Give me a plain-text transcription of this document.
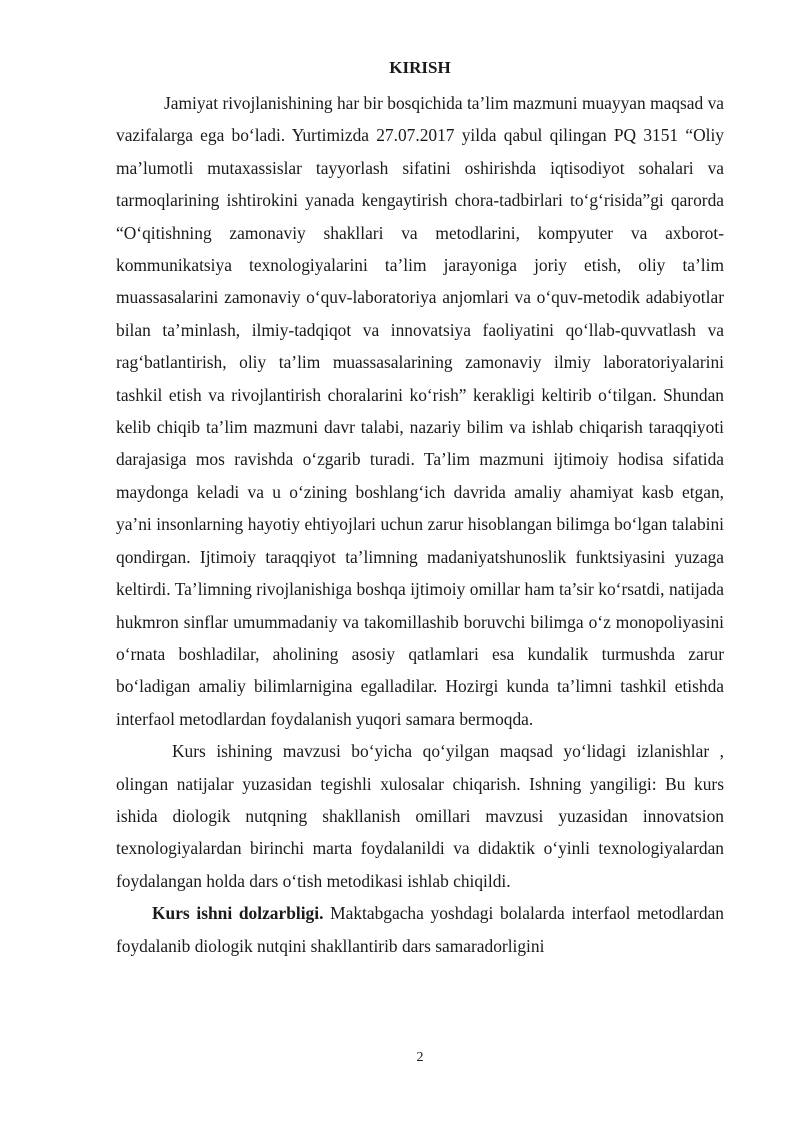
KIRISH

Jamiyat rivojlanishining har bir bosqichida ta’lim mazmuni muayyan maqsad va vazifalarga ega bo‘ladi. Yurtimizda 27.07.2017 yilda qabul qilingan PQ 3151 “Oliy ma’lumotli mutaxassislar tayyorlash sifatini oshirishda iqtisodiyot sohalari va tarmoqlarining ishtirokini yanada kengaytirish chora-tadbirlari to‘g‘risida”gi qarorda “O‘qitishning zamonaviy shakllari va metodlarini, kompyuter va axborot-kommunikatsiya texnologiyalarini ta’lim jarayoniga joriy etish, oliy ta’lim muassasalarini zamonaviy o‘quv-laboratoriya anjomlari va o‘quv-metodik adabiyotlar bilan ta’minlash, ilmiy-tadqiqot va innovatsiya faoliyatini qo‘llab-quvvatlash va rag‘batlantirish, oliy ta’lim muassasalarining zamonaviy ilmiy laboratoriyalarini tashkil etish va rivojlantirish choralarini ko‘rish” kerakligi keltirib o‘tilgan. Shundan kelib chiqib ta’lim mazmuni davr talabi, nazariy bilim va ishlab chiqarish taraqqiyoti darajasiga mos ravishda o‘zgarib turadi. Ta’lim mazmuni ijtimoiy hodisa sifatida maydonga keladi va u o‘zining boshlang‘ich davrida amaliy ahamiyat kasb etgan, ya’ni insonlarning hayotiy ehtiyojlari uchun zarur hisoblangan bilimga bo‘lgan talabini qondirgan. Ijtimoiy taraqqiyot ta’limning madaniyatshunoslik funktsiyasini yuzaga keltirdi. Ta’limning rivojlanishiga boshqa ijtimoiy omillar ham ta’sir ko‘rsatdi, natijada hukmron sinflar umummadaniy va takomillashib boruvchi bilimga o‘z monopoliyasini o‘rnata boshladilar, aholining asosiy qatlamlari esa kundalik turmushda zarur bo‘ladigan amaliy bilimlarnigina egalladilar. Hozirgi kunda ta’limni tashkil etishda interfaol metodlardan foydalanish yuqori samara bermoqda.

Kurs ishining mavzusi bo‘yicha qo‘yilgan maqsad yo‘lidagi izlanishlar , olingan natijalar yuzasidan tegishli xulosalar chiqarish. Ishning yangiligi: Bu kurs ishida diologik nutqning shakllanish omillari mavzusi yuzasidan innovatsion texnologiyalardan birinchi marta foydalanildi va didaktik o‘yinli texnologiyalardan foydalangan holda dars o‘tish metodikasi ishlab chiqildi.

Kurs ishni dolzarbligi. Maktabgacha yoshdagi bolalarda interfaol metodlardan foydalanib diologik nutqini shakllantirib dars samaradorligini

2
